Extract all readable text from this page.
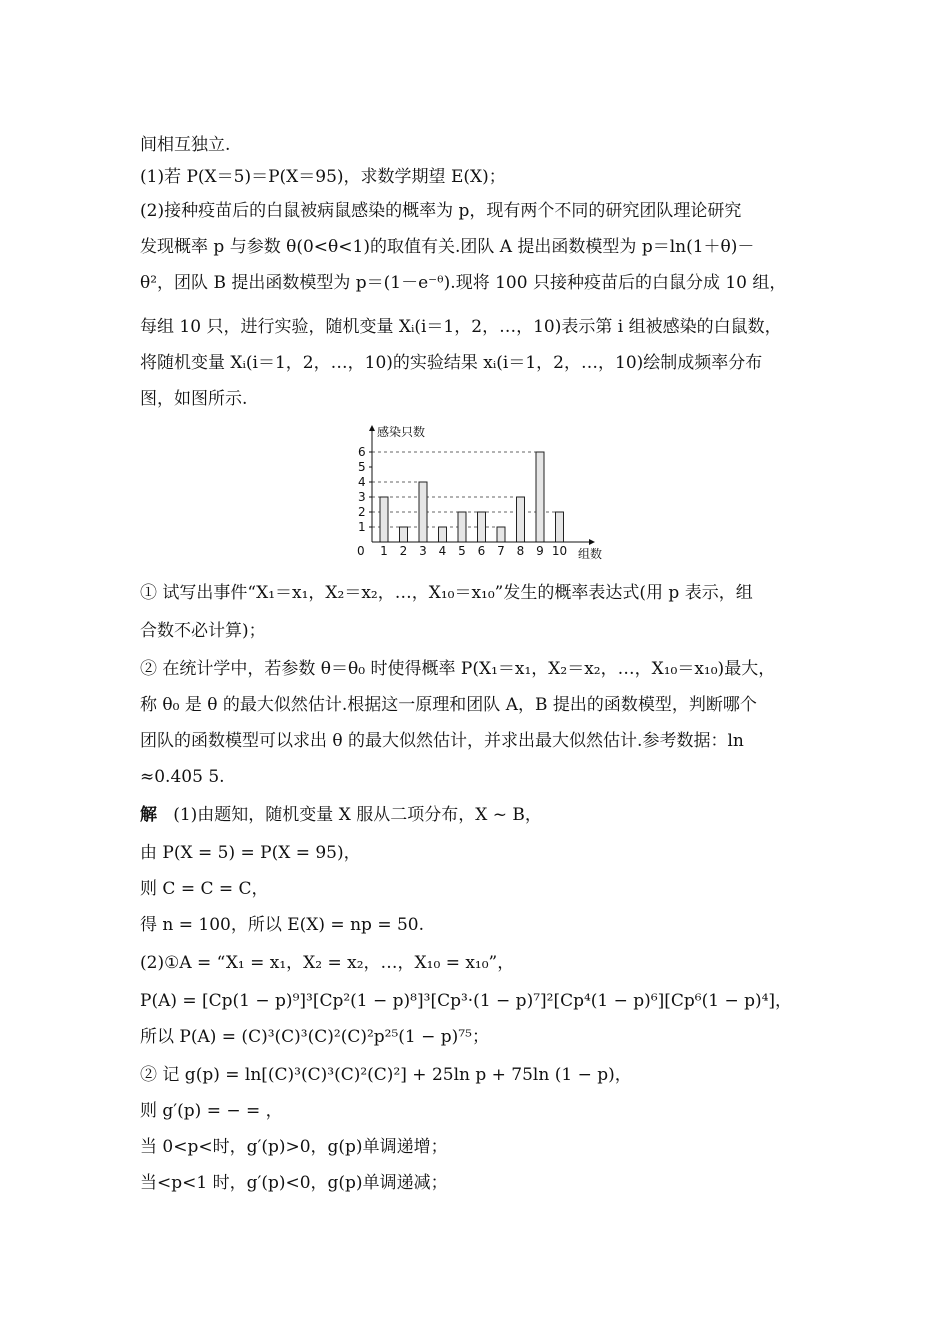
间相互独立.
(1)若 P(X＝5)＝P(X＝95)，求数学期望 E(X)；
(2)接种疫苗后的白鼠被病鼠感染的概率为 p，现有两个不同的研究团队理论研究
发现概率 p 与参数 θ(0<θ<1)的取值有关.团队 A 提出函数模型为 p＝ln(1＋θ)－
θ²，团队 B 提出函数模型为 p＝(1－e⁻ᶿ).现将 100 只接种疫苗后的白鼠分成 10 组，
每组 10 只，进行实验，随机变量 Xᵢ(i＝1，2，…，10)表示第 i 组被感染的白鼠数，
将随机变量 Xᵢ(i＝1，2，…，10)的实验结果 xᵢ(i＝1，2，…，10)绘制成频率分布
图，如图所示.
1
2
3
4
5
6
1 2 3 4 5 6 7 8 9 10
感染只数
组数
0
① 试写出事件“X₁＝x₁，X₂＝x₂，…，X₁₀＝x₁₀”发生的概率表达式(用 p 表示，组
合数不必计算)；
② 在统计学中，若参数 θ＝θ₀ 时使得概率 P(X₁＝x₁，X₂＝x₂，…，X₁₀＝x₁₀)最大，
称 θ₀ 是 θ 的最大似然估计.根据这一原理和团队 A，B 提出的函数模型，判断哪个
团队的函数模型可以求出 θ 的最大似然估计，并求出最大似然估计.参考数据：ln
≈0.405 5.
解 (1)由题知，随机变量 X 服从二项分布，X ~ B，
由 P(X = 5) = P(X = 95)，
则 C = C = C，
得 n = 100，所以 E(X) = np = 50.
(2)①A = “X₁ = x₁，X₂ = x₂，…，X₁₀ = x₁₀”，
P(A) = [Cp(1 − p)⁹]³[Cp²(1 − p)⁸]³[Cp³·(1 − p)⁷]²[Cp⁴(1 − p)⁶][Cp⁶(1 − p)⁴]，
所以 P(A) = (C)³(C)³(C)²(C)²p²⁵(1 − p)⁷⁵；
② 记 g(p) = ln[(C)³(C)³(C)²(C)²] + 25ln p + 75ln (1 − p)，
则 g′(p) = − = ，
当 0<p<时，g′(p)>0，g(p)单调递增；
当<p<1 时，g′(p)<0，g(p)单调递减；
